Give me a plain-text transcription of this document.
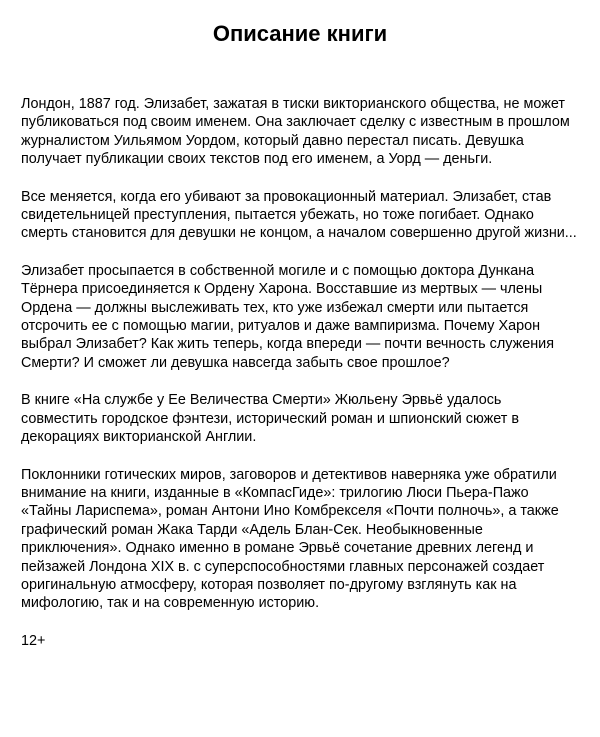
Описание книги

Лондон, 1887 год. Элизабет, зажатая в тиски викторианского общества, не может публиковаться под своим именем. Она заключает сделку с известным в прошлом журналистом Уильямом Уордом, который давно перестал писать. Девушка получает публикации своих текстов под его именем, а Уорд — деньги.

Все меняется, когда его убивают за провокационный материал. Элизабет, став свидетельницей преступления, пытается убежать, но тоже погибает. Однако смерть становится для девушки не концом, а началом совершенно другой жизни...

Элизабет просыпается в собственной могиле и с помощью доктора Дункана Тёрнера присоединяется к Ордену Харона. Восставшие из мертвых — члены Ордена — должны выслеживать тех, кто уже избежал смерти или пытается отсрочить ее с помощью магии, ритуалов и даже вампиризма. Почему Харон выбрал Элизабет? Как жить теперь, когда впереди — почти вечность служения Смерти? И сможет ли девушка навсегда забыть свое прошлое?

В книге «На службе у Ее Величества Смерти» Жюльену Эрвьё удалось совместить городское фэнтези, исторический роман и шпионский сюжет в декорациях викторианской Англии.

Поклонники готических миров, заговоров и детективов наверняка уже обратили внимание на книги, изданные в «КомпасГиде»: трилогию Люси Пьера-Пажо «Тайны Лариспема», роман Антони Ино Комбрекселя «Почти полночь», а также графический роман Жака Тарди «Адель Блан-Сек. Необыкновенные приключения». Однако именно в романе Эрвьё сочетание древних легенд и пейзажей Лондона XIX в. с суперспособностями главных персонажей создает оригинальную атмосферу, которая позволяет по-другому взглянуть как на мифологию, так и на современную историю.

12+
